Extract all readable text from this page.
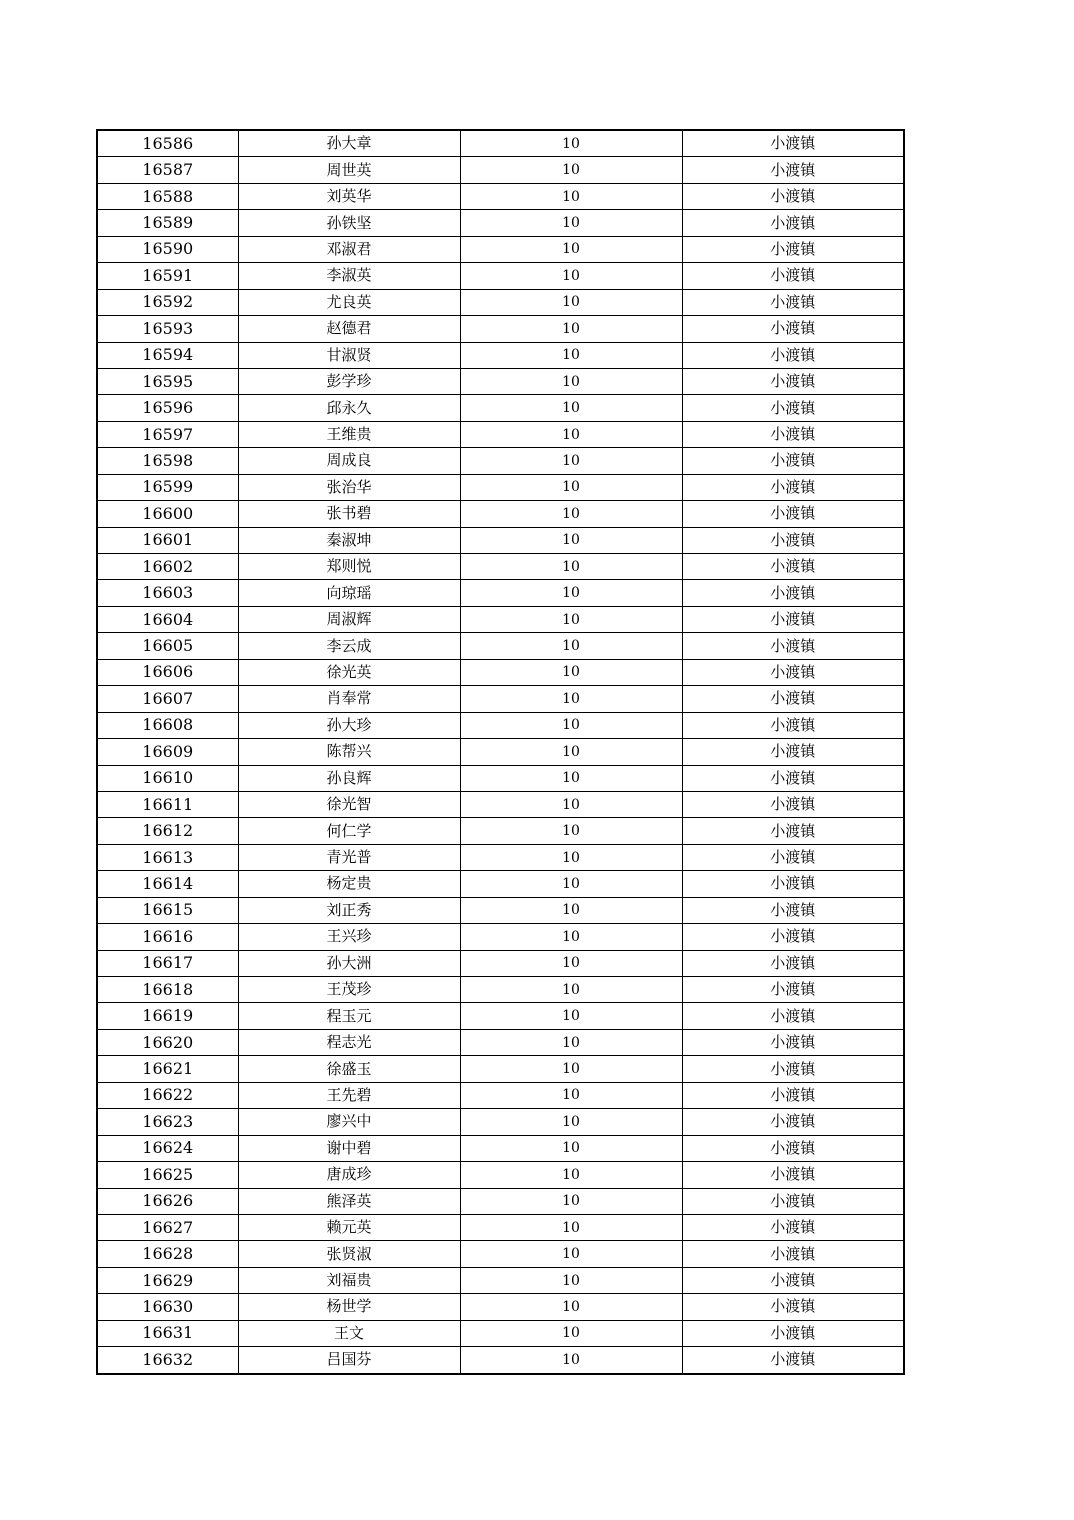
16586	孙大章	10	小渡镇
16587	周世英	10	小渡镇
16588	刘英华	10	小渡镇
16589	孙铁坚	10	小渡镇
16590	邓淑君	10	小渡镇
16591	李淑英	10	小渡镇
16592	尤良英	10	小渡镇
16593	赵德君	10	小渡镇
16594	甘淑贤	10	小渡镇
16595	彭学珍	10	小渡镇
16596	邱永久	10	小渡镇
16597	王维贵	10	小渡镇
16598	周成良	10	小渡镇
16599	张治华	10	小渡镇
16600	张书碧	10	小渡镇
16601	秦淑坤	10	小渡镇
16602	郑则悦	10	小渡镇
16603	向琼瑶	10	小渡镇
16604	周淑辉	10	小渡镇
16605	李云成	10	小渡镇
16606	徐光英	10	小渡镇
16607	肖奉常	10	小渡镇
16608	孙大珍	10	小渡镇
16609	陈帮兴	10	小渡镇
16610	孙良辉	10	小渡镇
16611	徐光智	10	小渡镇
16612	何仁学	10	小渡镇
16613	青光普	10	小渡镇
16614	杨定贵	10	小渡镇
16615	刘正秀	10	小渡镇
16616	王兴珍	10	小渡镇
16617	孙大洲	10	小渡镇
16618	王茂珍	10	小渡镇
16619	程玉元	10	小渡镇
16620	程志光	10	小渡镇
16621	徐盛玉	10	小渡镇
16622	王先碧	10	小渡镇
16623	廖兴中	10	小渡镇
16624	谢中碧	10	小渡镇
16625	唐成珍	10	小渡镇
16626	熊泽英	10	小渡镇
16627	赖元英	10	小渡镇
16628	张贤淑	10	小渡镇
16629	刘福贵	10	小渡镇
16630	杨世学	10	小渡镇
16631	王文	10	小渡镇
16632	吕国芬	10	小渡镇
